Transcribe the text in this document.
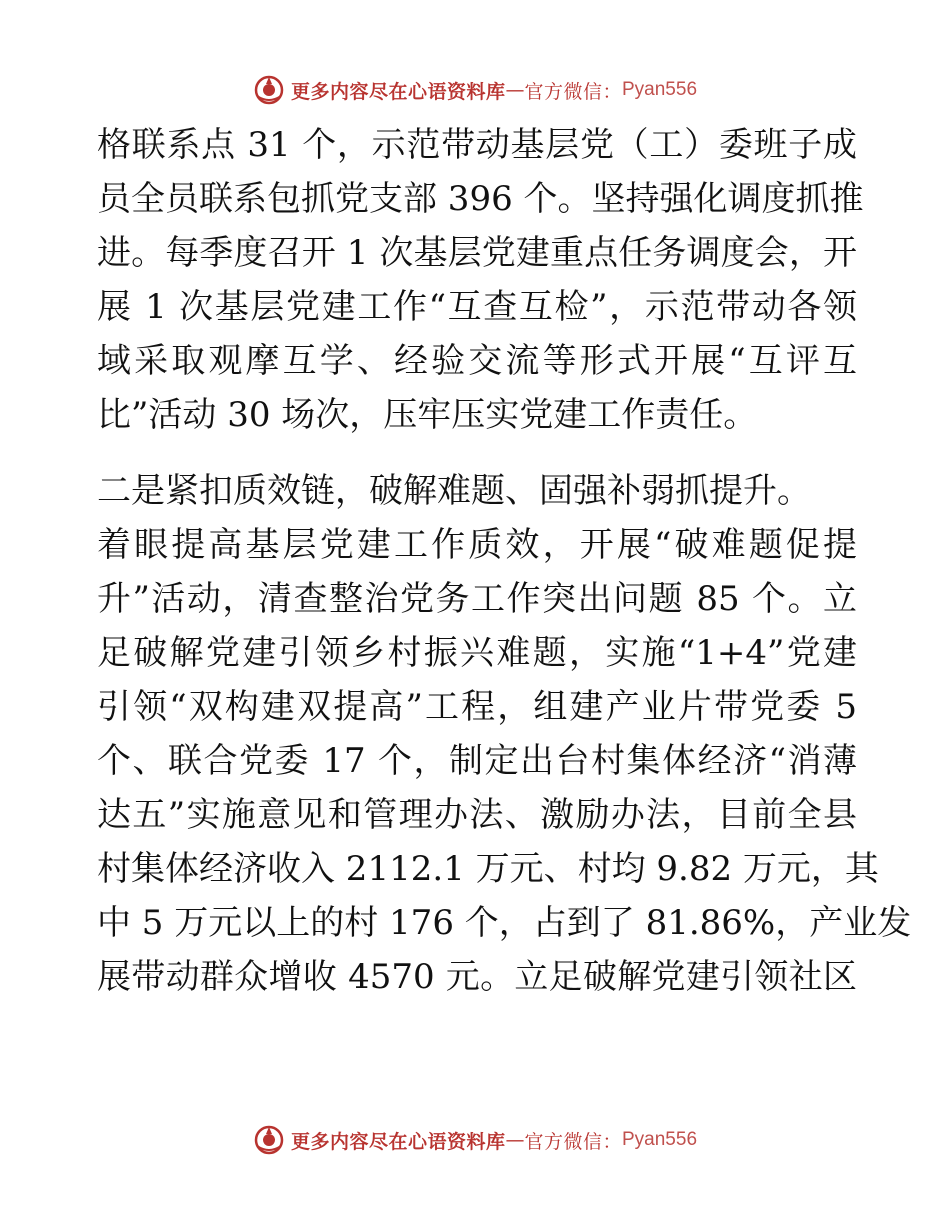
更多内容尽在心语资料库 — 官方微信： Pyan556
格联系点 31 个，示范带动基层党（工）委班子成
员全员联系包抓党支部 396 个。坚持强化调度抓推
进。每季度召开 1 次基层党建重点任务调度会，开
展 1 次基层党建工作“互查互检”，示范带动各领
域采取观摩互学、经验交流等形式开展“互评互
比”活动 30 场次，压牢压实党建工作责任。
二是紧扣质效链，破解难题、固强补弱抓提升。
着眼提高基层党建工作质效，开展“破难题促提
升”活动，清查整治党务工作突出问题 85 个。立
足破解党建引领乡村振兴难题，实施“1+4”党建
引领“双构建双提高”工程，组建产业片带党委 5
个、联合党委 17 个，制定出台村集体经济“消薄
达五”实施意见和管理办法、激励办法，目前全县
村集体经济收入 2112.1 万元、村均 9.82 万元，其
中 5 万元以上的村 176 个，占到了 81.86%，产业发
展带动群众增收 4570 元。立足破解党建引领社区
更多内容尽在心语资料库 — 官方微信： Pyan556
